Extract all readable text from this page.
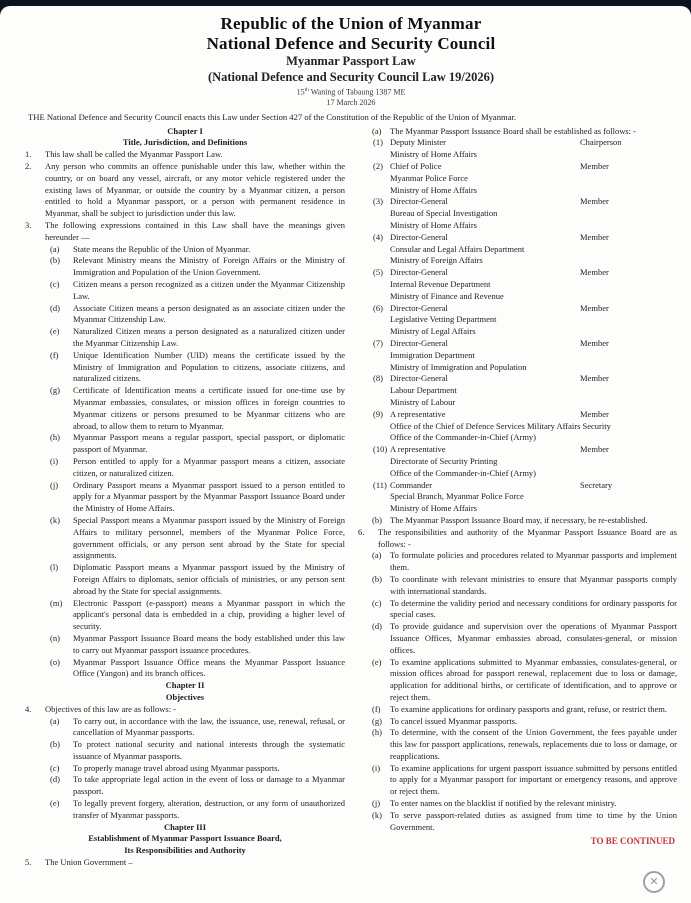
Republic of the Union of Myanmar
National Defence and Security Council
Myanmar Passport Law
(National Defence and Security Council Law 19/2026)
15th Waning of Tabaung 1387 ME
17 March 2026

THE National Defence and Security Council enacts this Law under Section 427 of the Constitution of the Republic of the Union of Myanmar.

Chapter I
Title, Jurisdiction, and Definitions
1.	This law shall be called the Myanmar Passport Law.
2.	Any person who commits an offence punishable under this law, whether within the country, or on board any vessel, aircraft, or any motor vehicle registered under the existing laws of Myanmar, or outside the country by a Myanmar citizen, a person entitled to hold a Myanmar passport, or a person with permanent residence in Myanmar, shall be subject to jurisdiction under this law.
3.	The following expressions contained in this Law shall have the meanings given hereunder —
(a)	State means the Republic of the Union of Myanmar.
(b)	Relevant Ministry means the Ministry of Foreign Affairs or the Ministry of Immigration and Population of the Union Government.
(c)	Citizen means a person recognized as a citizen under the Myanmar Citizenship Law.
(d)	Associate Citizen means a person designated as an associate citizen under the Myanmar Citizenship Law.
(e)	Naturalized Citizen means a person designated as a naturalized citizen under the Myanmar Citizenship Law.
(f)	Unique Identification Number (UID) means the certificate issued by the Ministry of Immigration and Population to citizens, associate citizens, and naturalized citizens.
(g)	Certificate of Identification means a certificate issued for one-time use by Myanmar embassies, consulates, or mission offices in foreign countries to Myanmar citizens or persons presumed to be Myanmar citizens who are abroad, to allow them to return to Myanmar.
(h)	Myanmar Passport means a regular passport, special passport, or diplomatic passport of Myanmar.
(i)	Person entitled to apply for a Myanmar passport means a citizen, associate citizen, or naturalized citizen.
(j)	Ordinary Passport means a Myanmar passport issued to a person entitled to apply for a Myanmar passport by the Myanmar Passport Issuance Board under the Ministry of Home Affairs.
(k)	Special Passport means a Myanmar passport issued by the Ministry of Foreign Affairs to military personnel, members of the Myanmar Police Force, government officials, or any person sent abroad by the State for special assignments.
(l)	Diplomatic Passport means a Myanmar passport issued by the Ministry of Foreign Affairs to diplomats, senior officials of ministries, or any person sent abroad by the State for special assignments.
(m)	Electronic Passport (e-passport) means a Myanmar passport in which the applicant's personal data is embedded in a chip, providing a higher level of security.
(n)	Myanmar Passport Issuance Board means the body established under this law to carry out Myanmar passport issuance procedures.
(o)	Myanmar Passport Issuance Office means the Myanmar Passport Issuance Office (Yangon) and its branch offices.
Chapter II
Objectives
4.	Objectives of this law are as follows: -
(a)	To carry out, in accordance with the law, the issuance, use, renewal, refusal, or cancellation of Myanmar passports.
(b)	To protect national security and national interests through the systematic issuance of Myanmar passports.
(c)	To properly manage travel abroad using Myanmar passports.
(d)	To take appropriate legal action in the event of loss or damage to a Myanmar passport.
(e)	To legally prevent forgery, alteration, destruction, or any form of unauthorized transfer of Myanmar passports.
Chapter III
Establishment of Myanmar Passport Issuance Board,
Its Responsibilities and Authority
5.	The Union Government –
(a)	The Myanmar Passport Issuance Board shall be established as follows: -
(1) Deputy Minister	Chairperson
Ministry of Home Affairs
(2) Chief of Police	Member
Myanmar Police Force
Ministry of Home Affairs
(3) Director-General	Member
Bureau of Special Investigation
Ministry of Home Affairs
(4) Director-General	Member
Consular and Legal Affairs Department
Ministry of Foreign Affairs
(5) Director-General	Member
Internal Revenue Department
Ministry of Finance and Revenue
(6) Director-General	Member
Legislative Vetting Department
Ministry of Legal Affairs
(7) Director-General	Member
Immigration Department
Ministry of Immigration and Population
(8) Director-General	Member
Labour Department
Ministry of Labour
(9) A representative	Member
Office of the Chief of Defence Services Military Affairs Security
Office of the Commander-in-Chief (Army)
(10) A representative	Member
Directorate of Security Printing
Office of the Commander-in-Chief (Army)
(11) Commander	Secretary
Special Branch, Myanmar Police Force
Ministry of Home Affairs
(b) The Myanmar Passport Issuance Board may, if necessary, be re-established.
6.	The responsibilities and authority of the Myanmar Passport Issuance Board are as follows: -
(a)	To formulate policies and procedures related to Myanmar passports and implement them.
(b) To coordinate with relevant ministries to ensure that Myanmar passports comply with international standards.
(c)	To determine the validity period and necessary conditions for ordinary passports for special cases.
(d) To provide guidance and supervision over the operations of Myanmar Passport Issuance Offices, Myanmar embassies abroad, consulates-general, or mission offices.
(e)	To examine applications submitted to Myanmar embassies, consulates-general, or mission offices abroad for passport renewal, replacement due to loss or damage, application for additional births, or certificate of identification, and to approve or reject them.
(f)	To examine applications for ordinary passports and grant, refuse, or restrict them.
(g) To cancel issued Myanmar passports.
(h) To determine, with the consent of the Union Government, the fees payable under this law for passport applications, renewals, replacements due to loss or damage, or reapplications.
(i)	To examine applications for urgent passport issuance submitted by persons entitled to apply for a Myanmar passport for important or emergency reasons, and approve or reject them.
(j)	To enter names on the blacklist if notified by the relevant ministry.
(k) To serve passport-related duties as assigned from time to time by the Union Government.
TO BE CONTINUED
✕
